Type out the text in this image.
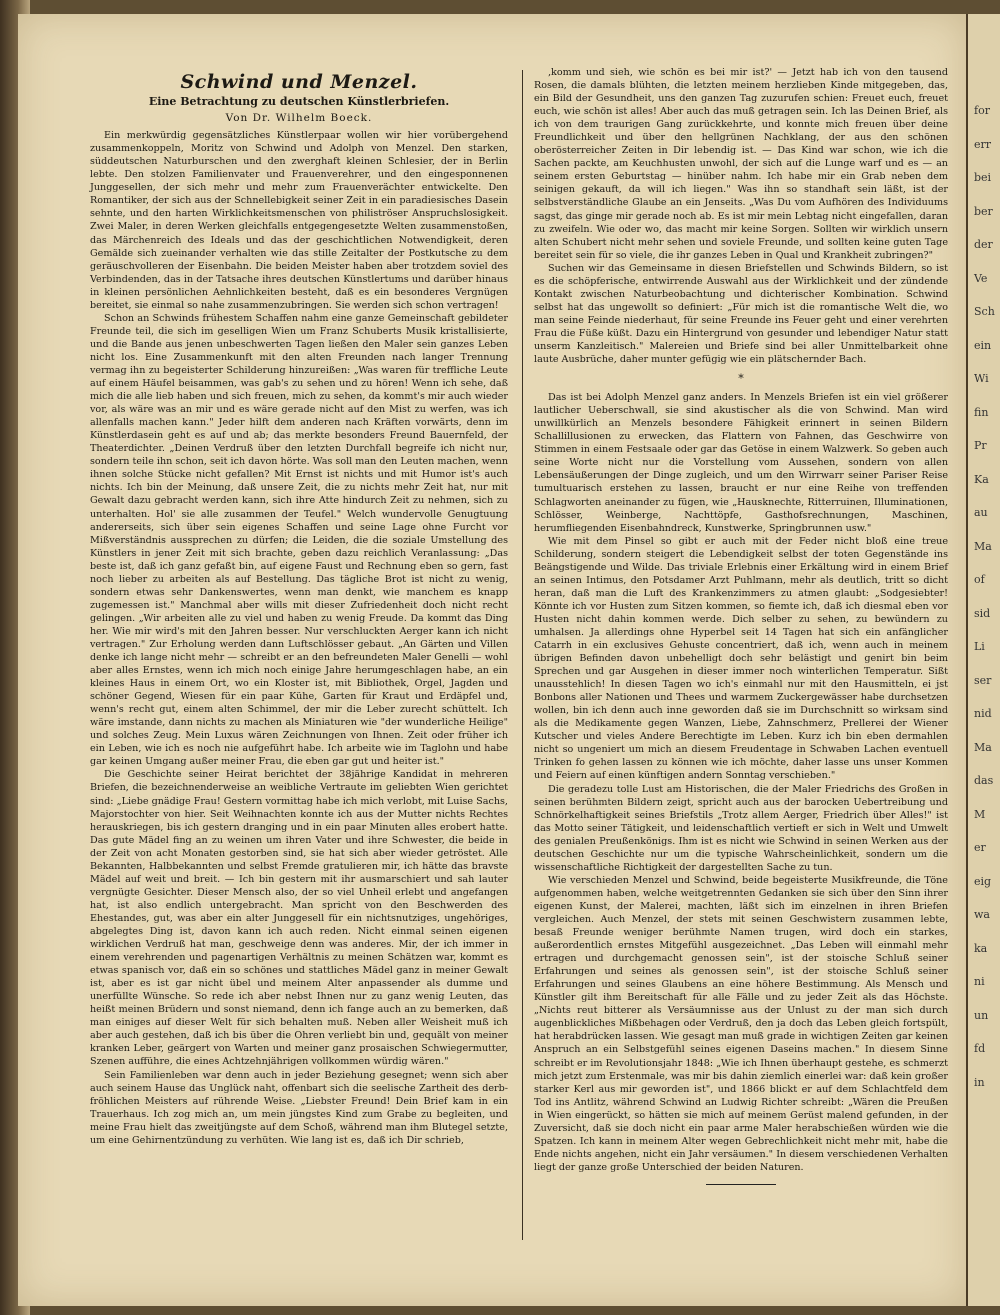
Schwind und Menzel.
Eine Betrachtung zu deutschen Künstlerbriefen.
Von Dr. Wilhelm Boeck.

Ein merkwürdig gegensätzliches Künstlerpaar wollen wir hier vorübergehend zusammenkoppeln, Moritz von Schwind und Adolph von Menzel. Den starken, süddeutschen Naturburschen und den zwerghaft kleinen Schlesier, der in Berlin lebte. Den stolzen Familienvater und Frauenverehrer, und den eingesponnenen Junggesellen, der sich mehr und mehr zum Frauenverächter entwickelte. Den Romantiker, der sich aus der Schnellebigkeit seiner Zeit in ein paradiesisches Dasein sehnte, und den harten Wirklichkeitsmenschen von philiströser Anspruchslosigkeit. Zwei Maler, in deren Werken gleichfalls entgegengesetzte Welten zusammenstoßen, das Märchenreich des Ideals und das der geschichtlichen Notwendigkeit, deren Gemälde sich zueinander verhalten wie das stille Zeitalter der Postkutsche zu dem geräuschvolleren der Eisenbahn. Die beiden Meister haben aber trotzdem soviel des Verbindenden, das in der Tatsache ihres deutschen Künstlertums und darüber hinaus in kleinen persönlichen Aehnlichkeiten besteht, daß es ein besonderes Vergnügen bereitet, sie einmal so nahe zusammenzubringen. Sie werden sich schon vertragen!

Schon an Schwinds frühestem Schaffen nahm eine ganze Gemeinschaft gebildeter Freunde teil, die sich im geselligen Wien um Franz Schuberts Musik kristallisierte, und die Bande aus jenen unbeschwerten Tagen ließen den Maler sein ganzes Leben nicht los. Eine Zusammenkunft mit den alten Freunden nach langer Trennung vermag ihn zu begeisterter Schilderung hinzureißen: „Was waren für treffliche Leute auf einem Häufel beisammen, was gab's zu sehen und zu hören! Wenn ich sehe, daß mich die alle lieb haben und sich freuen, mich zu sehen, da kommt's mir auch wieder vor, als wäre was an mir und es wäre gerade nicht auf den Mist zu werfen, was ich allenfalls machen kann." Jeder hilft dem anderen nach Kräften vorwärts, denn im Künstlerdasein geht es auf und ab; das merkte besonders Freund Bauernfeld, der Theaterdichter. „Deinen Verdruß über den letzten Durchfall begreife ich nicht nur, sondern teile ihn schon, seit ich davon hörte. Was soll man den Leuten machen, wenn ihnen solche Stücke nicht gefallen? Mit Ernst ist nichts und mit Humor ist's auch nichts. Ich bin der Meinung, daß unsere Zeit, die zu nichts mehr Zeit hat, nur mit Gewalt dazu gebracht werden kann, sich ihre Atte hindurch Zeit zu nehmen, sich zu unterhalten. Hol' sie alle zusammen der Teufel." Welch wundervolle Genugtuung andererseits, sich über sein eigenes Schaffen und seine Lage ohne Furcht vor Mißverständnis aussprechen zu dürfen; die Leiden, die die soziale Umstellung des Künstlers in jener Zeit mit sich brachte, geben dazu reichlich Veranlassung: „Das beste ist, daß ich ganz gefaßt bin, auf eigene Faust und Rechnung eben so gern, fast noch lieber zu arbeiten als auf Bestellung. Das tägliche Brot ist nicht zu wenig, sondern etwas sehr Dankenswertes, wenn man denkt, wie manchem es knapp zugemessen ist." Manchmal aber wills mit dieser Zufriedenheit doch nicht recht gelingen. „Wir arbeiten alle zu viel und haben zu wenig Freude. Da kommt das Ding her. Wie mir wird's mit den Jahren besser. Nur verschluckten Aerger kann ich nicht vertragen." Zur Erholung werden dann Luftschlösser gebaut. „An Gärten und Villen denke ich lange nicht mehr — schreibt er an den befreundeten Maler Genelli — wohl aber alles Ernstes, wenn ich mich noch einige Jahre herumgeschlagen habe, an ein kleines Haus in einem Ort, wo ein Kloster ist, mit Bibliothek, Orgel, Jagden und schöner Gegend, Wiesen für ein paar Kühe, Garten für Kraut und Erdäpfel und, wenn's recht gut, einem alten Schimmel, der mir die Leber zurecht schüttelt. Ich wäre imstande, dann nichts zu machen als Miniaturen wie "der wunderliche Heilige" und solches Zeug. Mein Luxus wären Zeichnungen von Ihnen. Zeit oder früher ich ein Leben, wie ich es noch nie aufgeführt habe. Ich arbeite wie im Taglohn und habe gar keinen Umgang außer meiner Frau, die eben gar gut und heiter ist."

Die Geschichte seiner Heirat berichtet der 38jährige Kandidat in mehreren Briefen, die bezeichnenderweise an weibliche Vertraute im geliebten Wien gerichtet sind: „Liebe gnädige Frau! Gestern vormittag habe ich mich verlobt, mit Luise Sachs, Majorstochter von hier. Seit Weihnachten konnte ich aus der Mutter nichts Rechtes herauskriegen, bis ich gestern dranging und in ein paar Minuten alles erobert hatte. Das gute Mädel fing an zu weinen um ihren Vater und ihre Schwester, die beide in der Zeit von acht Monaten gestorben sind, sie hat sich aber wieder getröstet. Alle Bekannten, Halbbekannten und selbst Fremde gratulieren mir, ich hätte das bravste Mädel auf weit und breit. — Ich bin gestern mit ihr ausmarschiert und sah lauter vergnügte Gesichter. Dieser Mensch also, der so viel Unheil erlebt und angefangen hat, ist also endlich untergebracht. Man spricht von den Beschwerden des Ehestandes, gut, was aber ein alter Junggesell für ein nichtsnutziges, ungehöriges, abgelegtes Ding ist, davon kann ich auch reden. Nicht einmal seinen eigenen wirklichen Verdruß hat man, geschweige denn was anderes. Mir, der ich immer in einem verehrenden und pagenartigen Verhältnis zu meinen Schätzen war, kommt es etwas spanisch vor, daß ein so schönes und stattliches Mädel ganz in meiner Gewalt ist, aber es ist gar nicht übel und meinem Alter anpassender als dumme und unerfüllte Wünsche. So rede ich aber nebst Ihnen nur zu ganz wenig Leuten, das heißt meinen Brüdern und sonst niemand, denn ich fange auch an zu bemerken, daß man einiges auf dieser Welt für sich behalten muß. Neben aller Weisheit muß ich aber auch gestehen, daß ich bis über die Ohren verliebt bin und, gequält von meiner kranken Leber, geärgert von Warten und meiner ganz prosaischen Schwiegermutter, Szenen aufführe, die eines Achtzehnjährigen vollkommen würdig wären."

Sein Familienleben war denn auch in jeder Beziehung gesegnet; wenn sich aber auch seinem Hause das Unglück naht, offenbart sich die seelische Zartheit des derb-fröhlichen Meisters auf rührende Weise. „Liebster Freund! Dein Brief kam in ein Trauerhaus. Ich zog mich an, um mein jüngstes Kind zum Grabe zu begleiten, und meine Frau hielt das zweitjüngste auf dem Schoß, während man ihm Blutegel setzte, um eine Gehirnentzündung zu verhüten. Wie lang ist es, daß ich Dir schrieb,

‚komm und sieh, wie schön es bei mir ist?' — Jetzt hab ich von den tausend Rosen, die damals blühten, die letzten meinem herzlieben Kinde mitgegeben, das, ein Bild der Gesundheit, uns den ganzen Tag zuzurufen schien: Freuet euch, freuet euch, wie schön ist alles! Aber auch das muß getragen sein. Ich las Deinen Brief, als ich von dem traurigen Gang zurückkehrte, und konnte mich freuen über deine Freundlichkeit und über den hellgrünen Nachklang, der aus den schönen oberösterreicher Zeiten in Dir lebendig ist. — Das Kind war schon, wie ich die Sachen packte, am Keuchhusten unwohl, der sich auf die Lunge warf und es — an seinem ersten Geburtstag — hinüber nahm. Ich habe mir ein Grab neben dem seinigen gekauft, da will ich liegen." Was ihn so standhaft sein läßt, ist der selbstverständliche Glaube an ein Jenseits. „Was Du vom Aufhören des Individuums sagst, das ginge mir gerade noch ab. Es ist mir mein Lebtag nicht eingefallen, daran zu zweifeln. Wie oder wo, das macht mir keine Sorgen. Sollten wir wirklich unsern alten Schubert nicht mehr sehen und soviele Freunde, und sollten keine guten Tage bereitet sein für so viele, die ihr ganzes Leben in Qual und Krankheit zubringen?"

Suchen wir das Gemeinsame in diesen Briefstellen und Schwinds Bildern, so ist es die schöpferische, entwirrende Auswahl aus der Wirklichkeit und der zündende Kontakt zwischen Naturbeobachtung und dichterischer Kombination. Schwind selbst hat das ungewollt so definiert: „Für mich ist die romantische Welt die, wo man seine Feinde niederhaut, für seine Freunde ins Feuer geht und einer verehrten Frau die Füße küßt. Dazu ein Hintergrund von gesunder und lebendiger Natur statt unserm Kanzleitisch." Malereien und Briefe sind bei aller Unmittelbarkeit ohne laute Ausbrüche, daher munter gefügig wie ein plätschernder Bach.

*

Das ist bei Adolph Menzel ganz anders. In Menzels Briefen ist ein viel größerer lautlicher Ueberschwall, sie sind akustischer als die von Schwind. Man wird unwillkürlich an Menzels besondere Fähigkeit erinnert in seinen Bildern Schallillusionen zu erwecken, das Flattern von Fahnen, das Geschwirre von Stimmen in einem Festsaale oder gar das Getöse in einem Walzwerk. So geben auch seine Worte nicht nur die Vorstellung vom Aussehen, sondern von allen Lebensäußerungen der Dinge zugleich, und um den Wirrwarr seiner Pariser Reise tumultuarisch erstehen zu lassen, braucht er nur eine Reihe von treffenden Schlagworten aneinander zu fügen, wie „Hausknechte, Ritterruinen, Illuminationen, Schlösser, Weinberge, Nachttöpfe, Gasthofsrechnungen, Maschinen, herumfliegenden Eisenbahndreck, Kunstwerke, Springbrunnen usw."

Wie mit dem Pinsel so gibt er auch mit der Feder nicht bloß eine treue Schilderung, sondern steigert die Lebendigkeit selbst der toten Gegenstände ins Beängstigende und Wilde. Das triviale Erlebnis einer Erkältung wird in einem Brief an seinen Intimus, den Potsdamer Arzt Puhlmann, mehr als deutlich, tritt so dicht heran, daß man die Luft des Krankenzimmers zu atmen glaubt: „Sodgesiebter! Könnte ich vor Husten zum Sitzen kommen, so fiemte ich, daß ich diesmal eben vor Husten nicht dahin kommen werde. Dich selber zu sehen, zu bewündern zu umhalsen. Ja allerdings ohne Hyperbel seit 14 Tagen hat sich ein anfänglicher Catarrh in ein exclusives Gehuste concentriert, daß ich, wenn auch in meinem übrigen Befinden davon unbehelligt doch sehr belästigt und genirt bin beim Sprechen und gar Ausgehen in dieser immer noch winterlichen Temperatur. Sißt unausstehlich! In diesen Tagen wo ich's einmahl nur mit den Hausmitteln, ei jst Bonbons aller Nationen und Thees und warmem Zuckergewässer habe durchsetzen wollen, bin ich denn auch inne geworden daß sie im Durchschnitt so wirksam sind als die Medikamente gegen Wanzen, Liebe, Zahnschmerz, Prellerei der Wiener Kutscher und vieles Andere Berechtigte im Leben. Kurz ich bin eben dermahlen nicht so ungeniert um mich an diesem Freudentage in Schwaben Lachen eventuell Trinken fo gehen lassen zu können wie ich möchte, daher lasse uns unser Kommen und Feiern auf einen künftigen andern Sonntag verschieben."

Die geradezu tolle Lust am Historischen, die der Maler Friedrichs des Großen in seinen berühmten Bildern zeigt, spricht auch aus der barocken Uebertreibung und Schnörkelhaftigkeit seines Briefstils „Trotz allem Aerger, Friedrich über Alles!" ist das Motto seiner Tätigkeit, und leidenschaftlich vertieft er sich in Welt und Umwelt des genialen Preußenkönigs. Ihm ist es nicht wie Schwind in seinen Werken aus der deutschen Geschichte nur um die typische Wahrscheinlichkeit, sondern um die wissenschaftliche Richtigkeit der dargestellten Sache zu tun.

Wie verschieden Menzel und Schwind, beide begeisterte Musikfreunde, die Töne aufgenommen haben, welche weitgetrennten Gedanken sie sich über den Sinn ihrer eigenen Kunst, der Malerei, machten, läßt sich im einzelnen in ihren Briefen vergleichen. Auch Menzel, der stets mit seinen Geschwistern zusammen lebte, besaß Freunde weniger berühmte Namen trugen, wird doch ein starkes, außerordentlich ernstes Mitgefühl ausgezeichnet. „Das Leben will einmahl mehr ertragen und durchgemacht genossen sein", ist der stoische Schluß seiner Erfahrungen und seines als genossen sein", ist der stoische Schluß seiner Erfahrungen und seines Glaubens an eine höhere Bestimmung. Als Mensch und Künstler gilt ihm Bereitschaft für alle Fälle und zu jeder Zeit als das Höchste. „Nichts reut bitterer als Versäumnisse aus der Unlust zu der man sich durch augenblickliches Mißbehagen oder Verdruß, den ja doch das Leben gleich fortspült, hat herabdrücken lassen. Wie gesagt man muß grade in wichtigen Zeiten gar keinen Anspruch an ein Selbstgefühl seines eigenen Daseins machen." In diesem Sinne schreibt er im Revolutionsjahr 1848: „Wie ich Ihnen überhaupt gestehe, es schmerzt mich jetzt zum Erstenmale, was mir bis dahin ziemlich einerlei war: daß kein großer starker Kerl aus mir geworden ist", und 1866 blickt er auf dem Schlachtfeld dem Tod ins Antlitz, während Schwind an Ludwig Richter schreibt: „Wären die Preußen in Wien eingerückt, so hätten sie mich auf meinem Gerüst malend gefunden, in der Zuversicht, daß sie doch nicht ein paar arme Maler herabschießen würden wie die Spatzen. Ich kann in meinem Alter wegen Gebrechlichkeit nicht mehr mit, habe die Ende nichts angehen, nicht ein Jahr versäumen." In diesem verschiedenen Verhalten liegt der ganze große Unterschied der beiden Naturen.

for
err
bei
ber
der
Ve
Sch
ein
Wi
fin
Pr
Ka
au
Ma
of
sid
Li
ser
nid
Ma
das
M
er
eig
wa
ka
ni
un
fd
in
